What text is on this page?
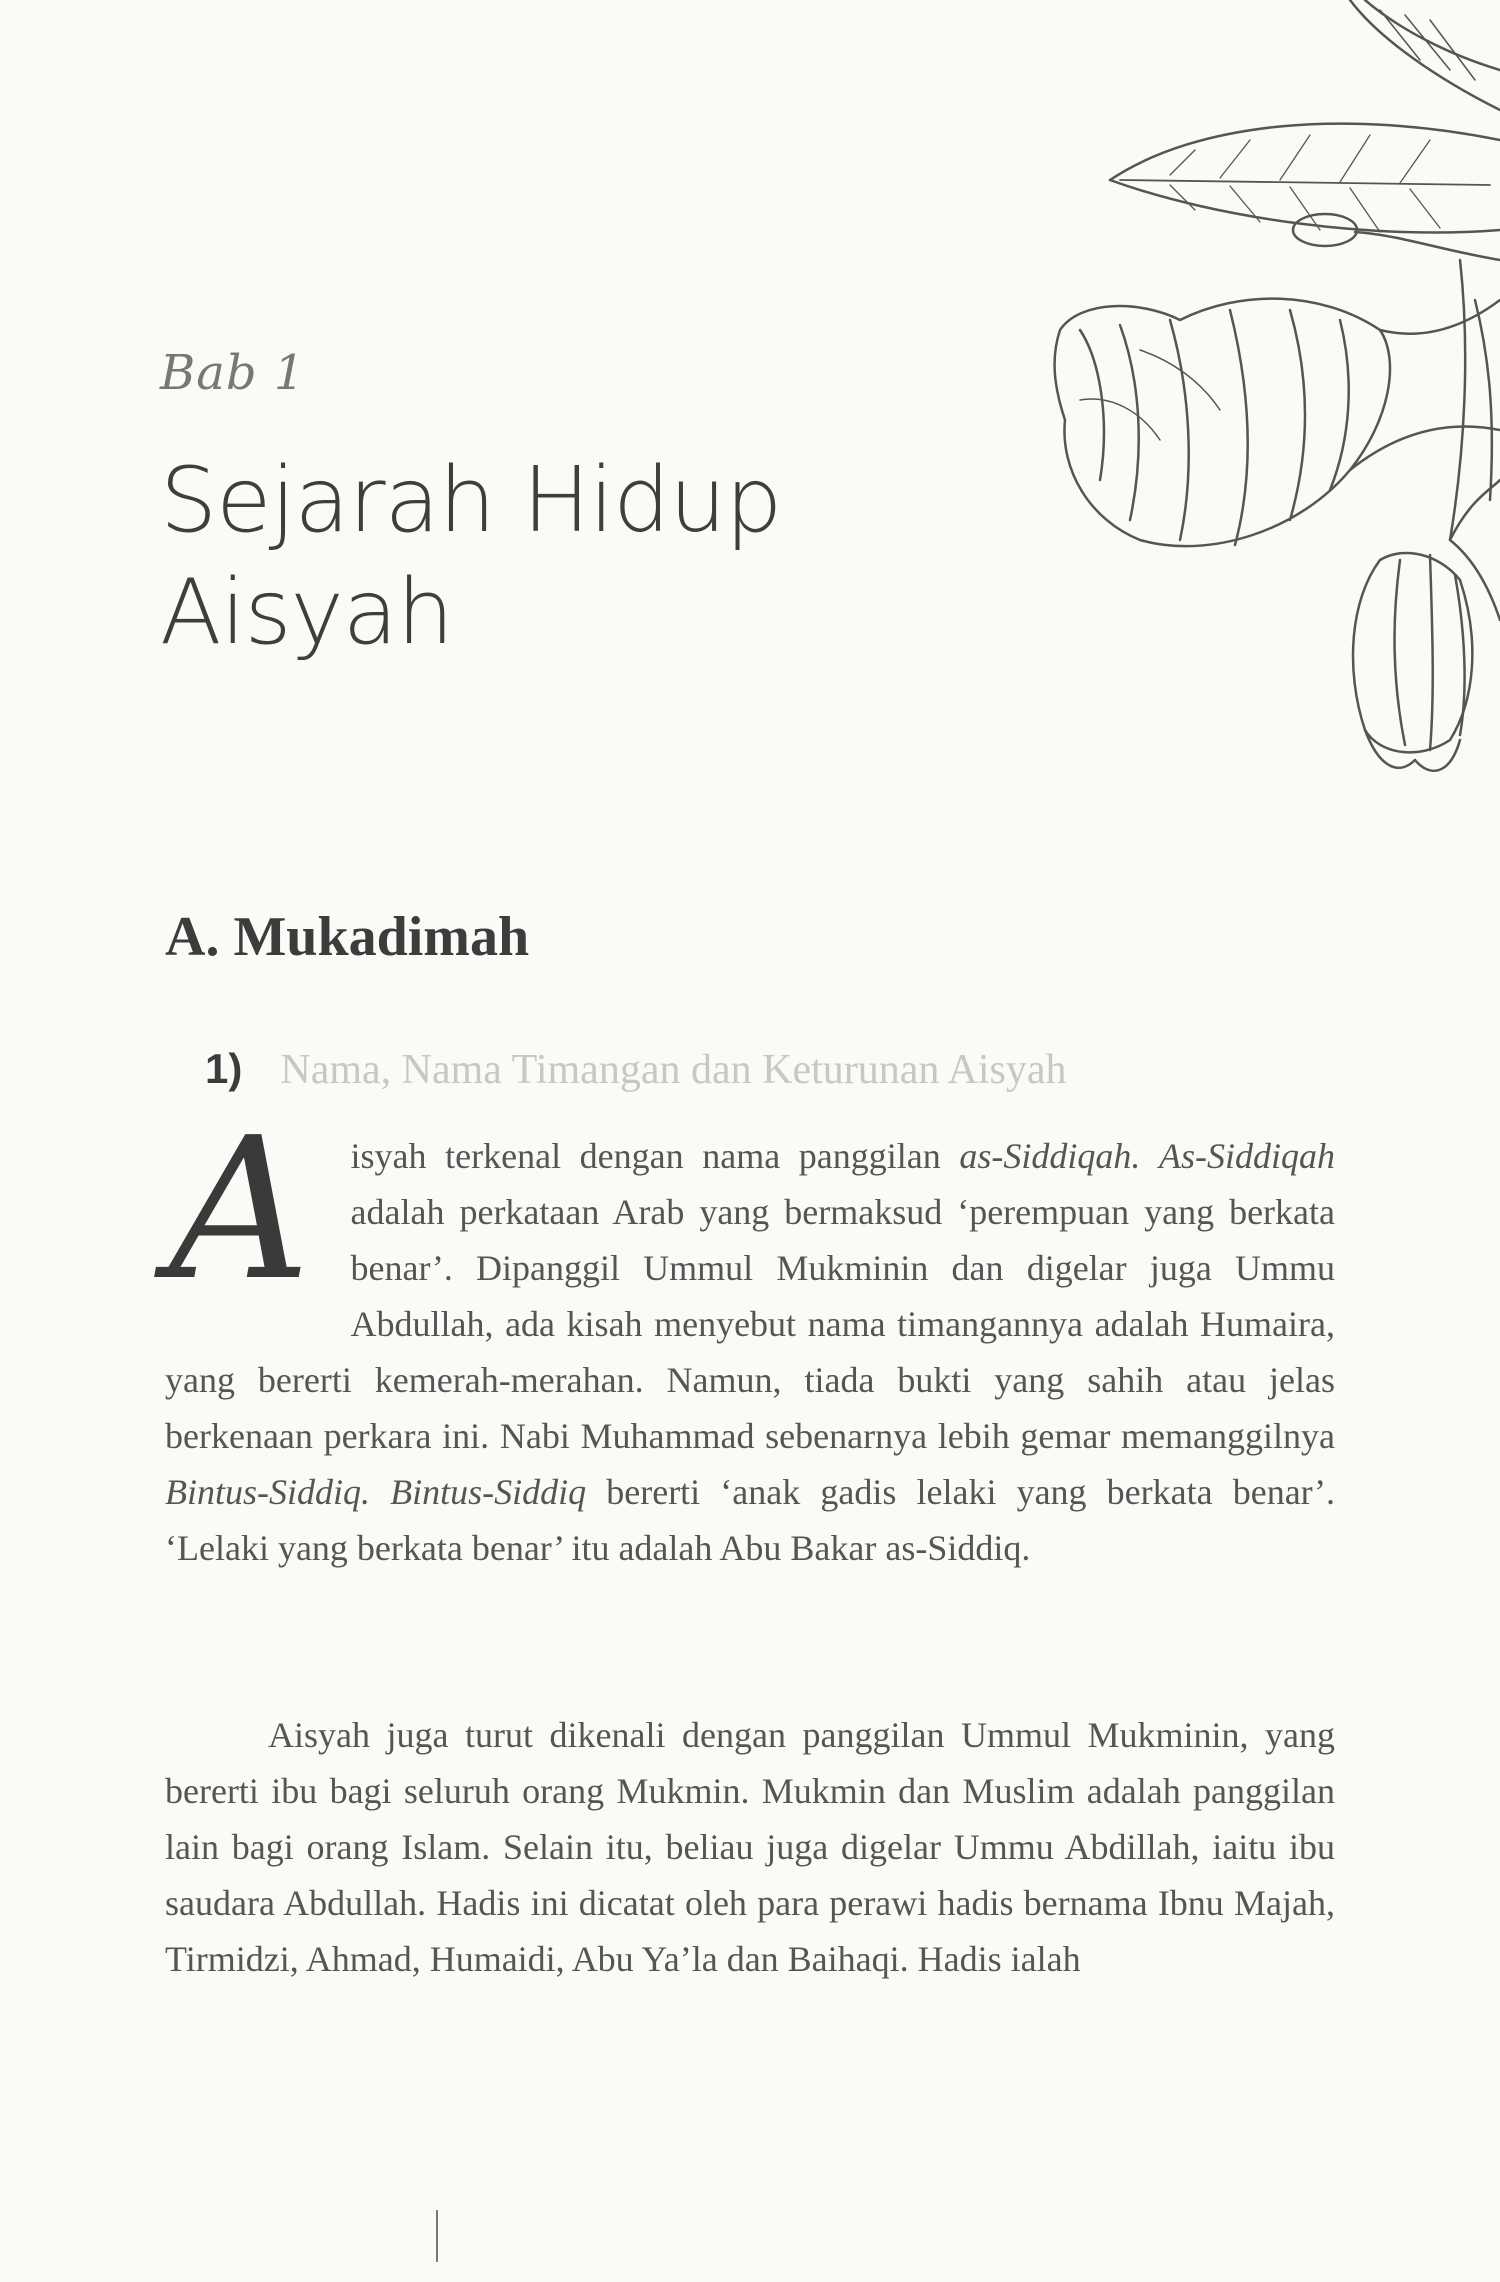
Bab 1
Sejarah Hidup
Aisyah
A. Mukadimah
1) Nama, Nama Timangan dan Keturunan Aisyah

A isyah terkenal dengan nama panggilan as-Siddiqah. As-Siddiqah adalah perkataan Arab yang bermaksud ‘perempuan yang berkata benar’. Dipanggil Ummul Mukminin dan digelar juga Ummu Abdullah, ada kisah menyebut nama timangannya adalah Humaira, yang bererti kemerah-merahan. Namun, tiada bukti yang sahih atau jelas berkenaan perkara ini. Nabi Muhammad sebenarnya lebih gemar memanggilnya Bintus-Siddiq. Bintus-Siddiq bererti ‘anak gadis lelaki yang berkata benar’. ‘Lelaki yang berkata benar’ itu adalah Abu Bakar as-Siddiq.

Aisyah juga turut dikenali dengan panggilan Ummul Mukminin, yang bererti ibu bagi seluruh orang Mukmin. Mukmin dan Muslim adalah panggilan lain bagi orang Islam. Selain itu, beliau juga digelar Ummu Abdillah, iaitu ibu saudara Abdullah. Hadis ini dicatat oleh para perawi hadis bernama Ibnu Majah, Tirmidzi, Ahmad, Humaidi, Abu Ya’la dan Baihaqi. Hadis ialah
